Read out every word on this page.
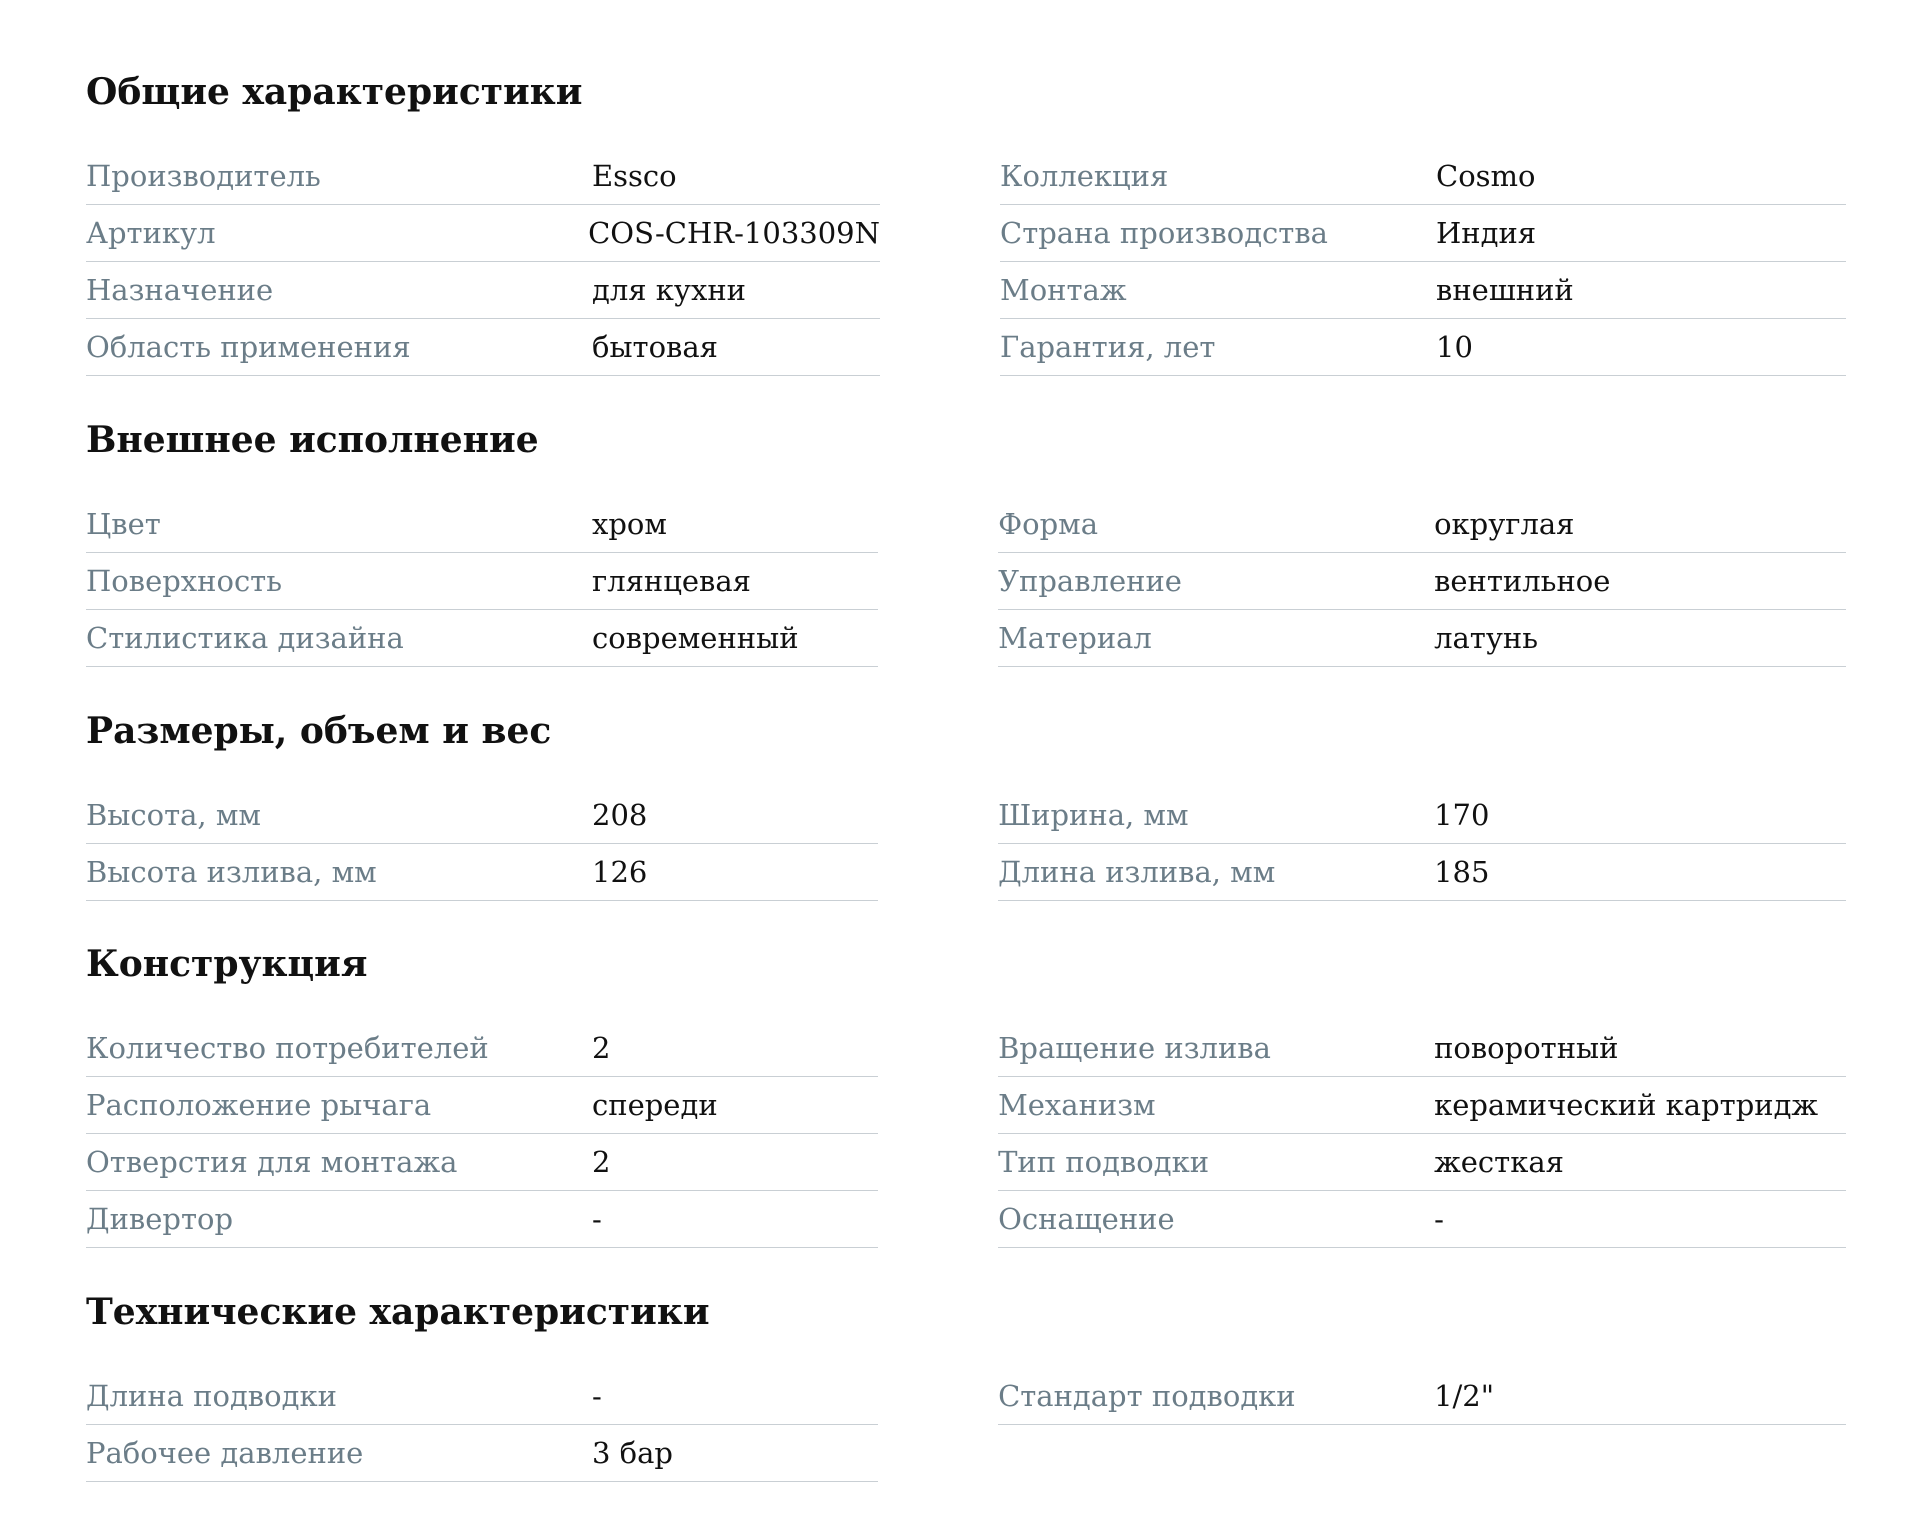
Общие характеристики
Производитель	Essco
Артикул	COS-CHR-103309N
Назначение	для кухни
Область применения	бытовая
Коллекция	Cosmo
Страна производства	Индия
Монтаж	внешний
Гарантия, лет	10
Внешнее исполнение
Цвет	хром
Поверхность	глянцевая
Стилистика дизайна	современный
Форма	округлая
Управление	вентильное
Материал	латунь
Размеры, объем и вес
Высота, мм	208
Высота излива, мм	126
Ширина, мм	170
Длина излива, мм	185
Конструкция
Количество потребителей	2
Расположение рычага	спереди
Отверстия для монтажа	2
Дивертор	-
Вращение излива	поворотный
Механизм	керамический картридж
Тип подводки	жесткая
Оснащение	-
Технические характеристики
Длина подводки	-
Рабочее давление	3 бар
Стандарт подводки	1/2"
